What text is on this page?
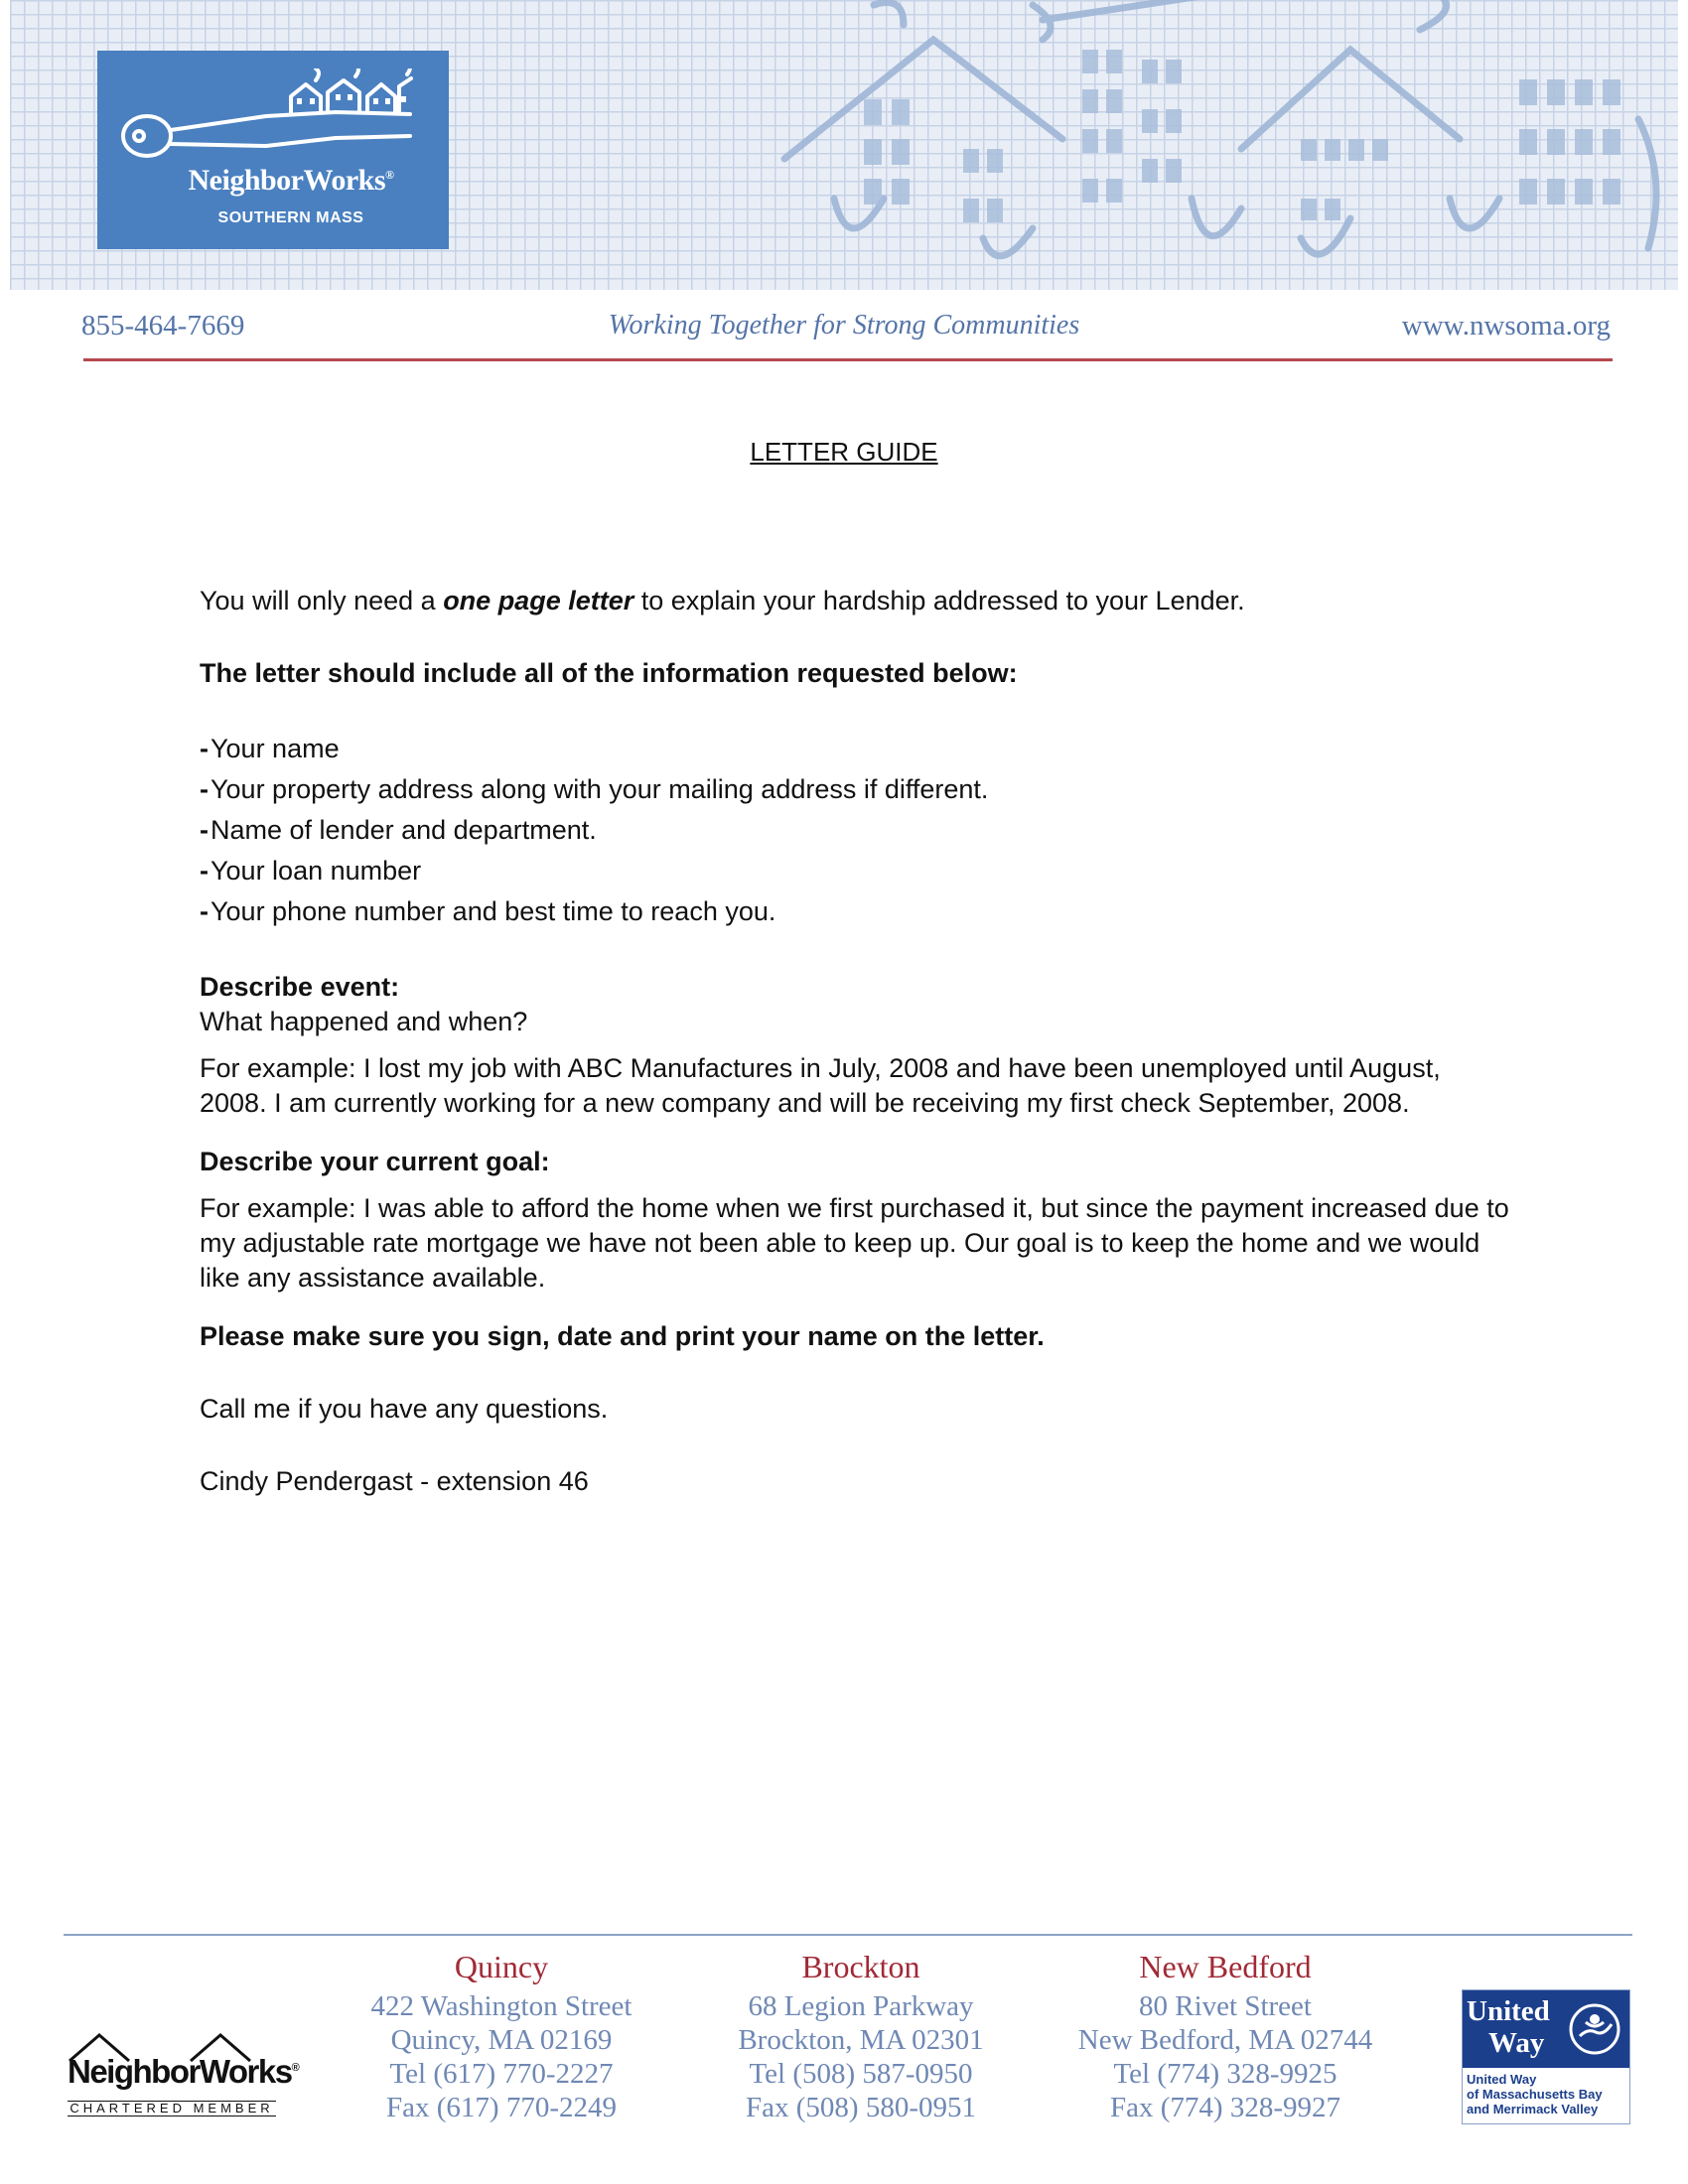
NeighborWorks®
SOUTHERN MASS
855-464-7669	Working Together for Strong Communities	www.nwsoma.org
LETTER GUIDE

You will only need a one page letter to explain your hardship addressed to your Lender.

The letter should include all of the information requested below:

-Your name
-Your property address along with your mailing address if different.
-Name of lender and department.
-Your loan number
-Your phone number and best time to reach you.

Describe event:

What happened and when?

For example: I lost my job with ABC Manufactures in July, 2008 and have been unemployed until August, 2008. I am currently working for a new company and will be receiving my first check September, 2008.

Describe your current goal:

For example: I was able to afford the home when we first purchased it, but since the payment increased due to my adjustable rate mortgage we have not been able to keep up. Our goal is to keep the home and we would like any assistance available.

Please make sure you sign, date and print your name on the letter.

Call me if you have any questions.

Cindy Pendergast - extension 46

NeighborWorks®
CHARTERED MEMBER
Quincy
422 Washington Street
Quincy, MA 02169
Tel (617) 770-2227
Fax (617) 770-2249
Brockton
68 Legion Parkway
Brockton, MA 02301
Tel (508) 587-0950
Fax (508) 580-0951
New Bedford
80 Rivet Street
New Bedford, MA 02744
Tel (774) 328-9925
Fax (774) 328-9927
United
Way
United Way
of Massachusetts Bay
and Merrimack Valley
